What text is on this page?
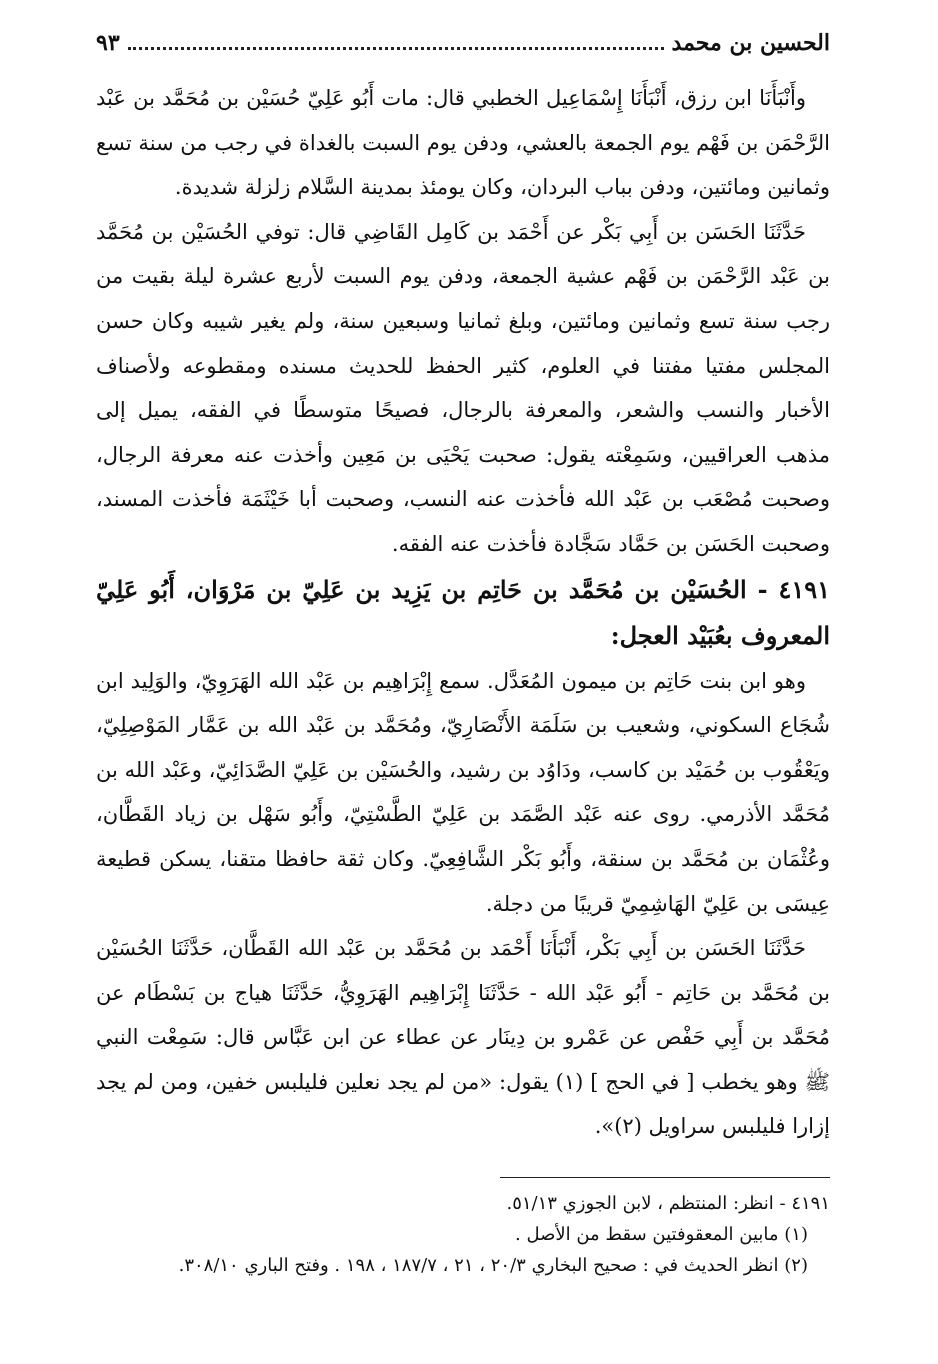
الحسين بن محمد
٩٣

وأَنْبَأَنَا ابن رزق، أَنْبَأَنَا إِسْمَاعِيل الخطبي قال: مات أَبُو عَلِيّ حُسَيْن بن مُحَمَّد بن عَبْد الرَّحْمَن بن فَهْم يوم الجمعة بالعشي، ودفن يوم السبت بالغداة في رجب من سنة تسع وثمانين ومائتين، ودفن بباب البردان، وكان يومئذ بمدينة السَّلام زلزلة شديدة.

حَدَّثَنَا الحَسَن بن أَبِي بَكْر عن أَحْمَد بن كَامِل القَاضِي قال: توفي الحُسَيْن بن مُحَمَّد بن عَبْد الرَّحْمَن بن فَهْم عشية الجمعة، ودفن يوم السبت لأربع عشرة ليلة بقيت من رجب سنة تسع وثمانين ومائتين، وبلغ ثمانيا وسبعين سنة، ولم يغير شيبه وكان حسن المجلس مفتيا مفتنا في العلوم، كثير الحفظ للحديث مسنده ومقطوعه ولأصناف الأخبار والنسب والشعر، والمعرفة بالرجال، فصيحًا متوسطًا في الفقه، يميل إلى مذهب العراقيين، وسَمِعْته يقول: صحبت يَحْيَى بن مَعِين وأخذت عنه معرفة الرجال، وصحبت مُصْعَب بن عَبْد الله فأخذت عنه النسب، وصحبت أبا خَيْثَمَة فأخذت المسند، وصحبت الحَسَن بن حَمَّاد سَجَّادة فأخذت عنه الفقه.

٤١٩١ - الحُسَيْن بن مُحَمَّد بن حَاتِم بن يَزِيد بن عَلِيّ بن مَرْوَان، أَبُو عَلِيّ المعروف بعُبَيْد العجل:

وهو ابن بنت حَاتِم بن ميمون المُعَدَّل. سمع إِبْرَاهِيم بن عَبْد الله الهَرَوِيّ، والوَلِيد ابن شُجَاع السكوني، وشعيب بن سَلَمَة الأَنْصَارِيّ، ومُحَمَّد بن عَبْد الله بن عَمَّار المَوْصِلِيّ، ويَعْقُوب بن حُمَيْد بن كاسب، ودَاوُد بن رشيد، والحُسَيْن بن عَلِيّ الصَّدَائِيّ، وعَبْد الله بن مُحَمَّد الأذرمي. روى عنه عَبْد الصَّمَد بن عَلِيّ الطَّسْتِيّ، وأَبُو سَهْل بن زياد القَطَّان، وعُثْمَان بن مُحَمَّد بن سنقة، وأَبُو بَكْر الشَّافِعِيّ. وكان ثقة حافظا متقنا، يسكن قطيعة عِيسَى بن عَلِيّ الهَاشِمِيّ قريبًا من دجلة.

حَدَّثَنَا الحَسَن بن أَبِي بَكْر، أَنْبَأَنَا أَحْمَد بن مُحَمَّد بن عَبْد الله القَطَّان، حَدَّثَنَا الحُسَيْن بن مُحَمَّد بن حَاتِم - أَبُو عَبْد الله - حَدَّثَنَا إِبْرَاهِيم الهَرَوِيُّ، حَدَّثَنَا هياج بن بَسْطَام عن مُحَمَّد بن أَبِي حَفْص عن عَمْرو بن دِينَار عن عطاء عن ابن عَبَّاس قال: سَمِعْت النبي ﷺ وهو يخطب [ في الحج ] (١) يقول: «من لم يجد نعلين فليلبس خفين، ومن لم يجد إزارا فليلبس سراويل (٢)».

٤١٩١ - انظر: المنتظم ، لابن الجوزي ٥١/١٣.

(١) مابين المعقوفتين سقط من الأصل .

(٢) انظر الحديث في : صحيح البخاري ٢٠/٣ ، ٢١ ، ١٨٧/٧ ، ١٩٨ . وفتح الباري ٣٠٨/١٠.
